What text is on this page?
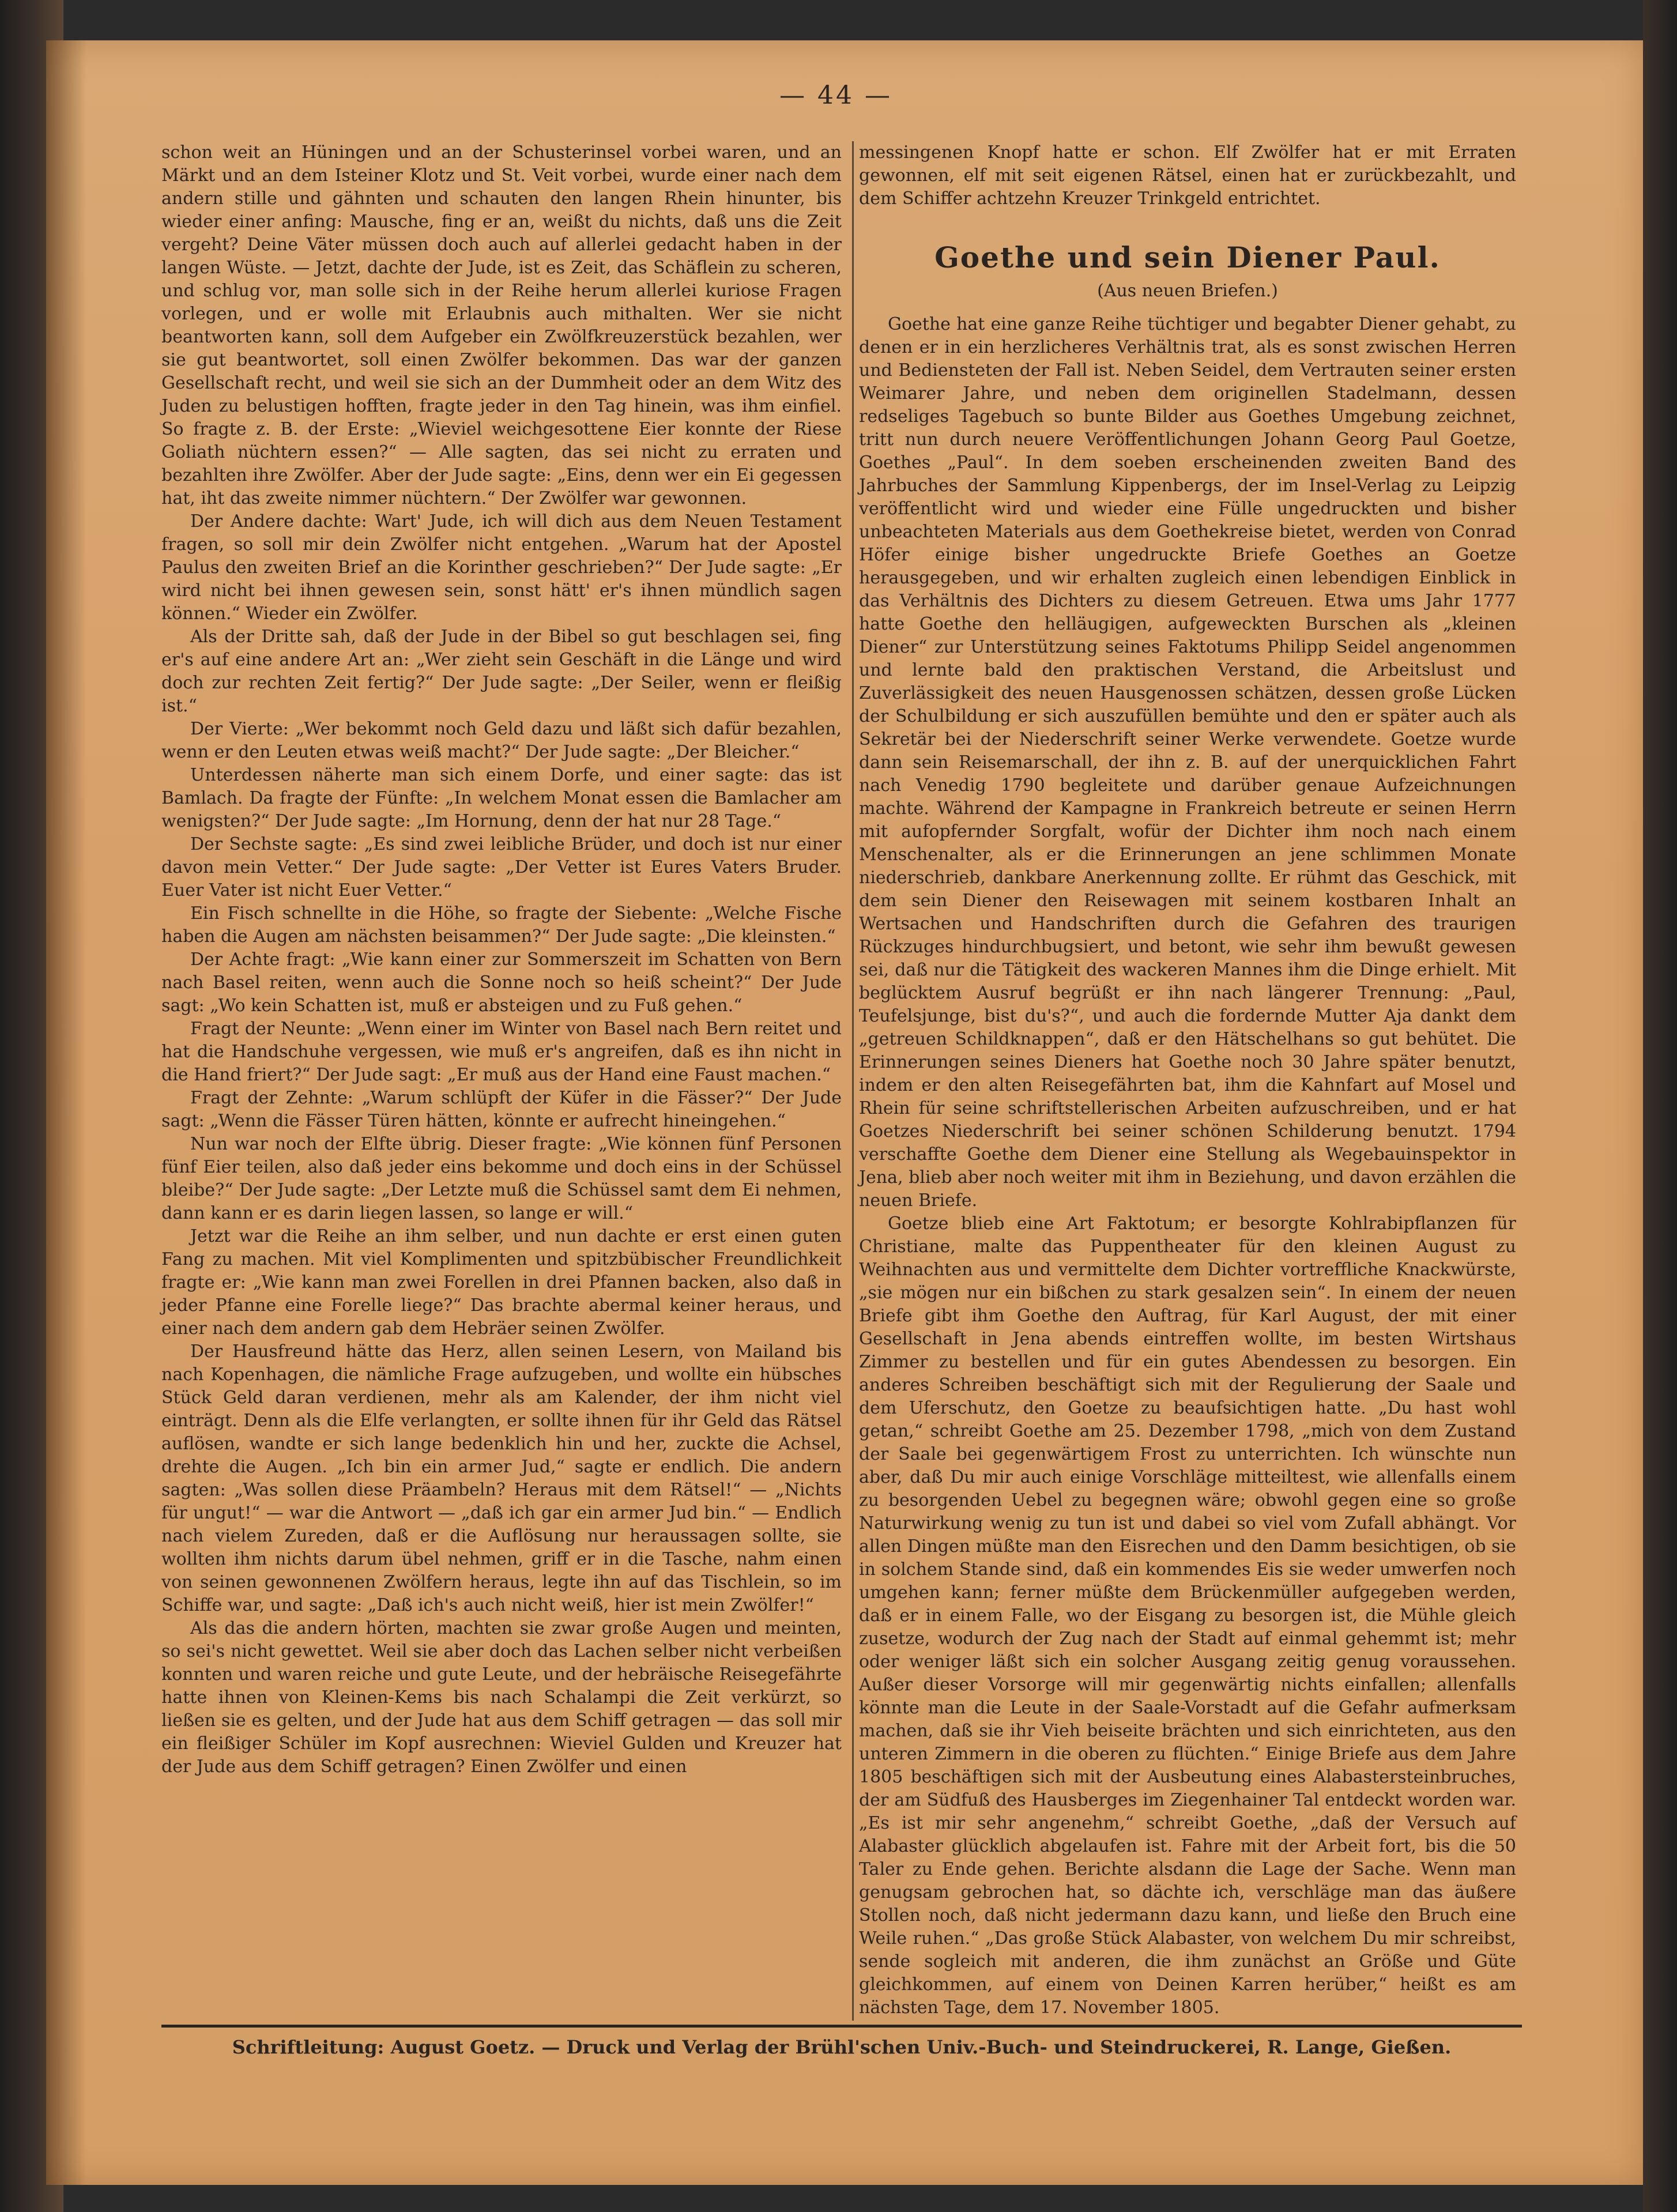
— 44 —

schon weit an Hüningen und an der Schusterinsel vorbei waren, und an Märkt und an dem Isteiner Klotz und St. Veit vorbei, wurde einer nach dem andern stille und gähnten und schauten den langen Rhein hinunter, bis wieder einer anfing: Mausche, fing er an, weißt du nichts, daß uns die Zeit vergeht? Deine Väter müssen doch auch auf allerlei gedacht haben in der langen Wüste. — Jetzt, dachte der Jude, ist es Zeit, das Schäflein zu scheren, und schlug vor, man solle sich in der Reihe herum allerlei kuriose Fragen vorlegen, und er wolle mit Erlaubnis auch mithalten. Wer sie nicht beantworten kann, soll dem Aufgeber ein Zwölfkreuzerstück bezahlen, wer sie gut beantwortet, soll einen Zwölfer bekommen. Das war der ganzen Gesellschaft recht, und weil sie sich an der Dummheit oder an dem Witz des Juden zu belustigen hofften, fragte jeder in den Tag hinein, was ihm einfiel. So fragte z. B. der Erste: „Wieviel weichgesottene Eier konnte der Riese Goliath nüchtern essen?“ — Alle sagten, das sei nicht zu erraten und bezahlten ihre Zwölfer. Aber der Jude sagte: „Eins, denn wer ein Ei gegessen hat, iht das zweite nimmer nüchtern.“ Der Zwölfer war gewonnen.

Der Andere dachte: Wart' Jude, ich will dich aus dem Neuen Testament fragen, so soll mir dein Zwölfer nicht entgehen. „Warum hat der Apostel Paulus den zweiten Brief an die Korinther geschrieben?“ Der Jude sagte: „Er wird nicht bei ihnen gewesen sein, sonst hätt' er's ihnen mündlich sagen können.“ Wieder ein Zwölfer.

Als der Dritte sah, daß der Jude in der Bibel so gut beschlagen sei, fing er's auf eine andere Art an: „Wer zieht sein Geschäft in die Länge und wird doch zur rechten Zeit fertig?“ Der Jude sagte: „Der Seiler, wenn er fleißig ist.“

Der Vierte: „Wer bekommt noch Geld dazu und läßt sich dafür bezahlen, wenn er den Leuten etwas weiß macht?“ Der Jude sagte: „Der Bleicher.“

Unterdessen näherte man sich einem Dorfe, und einer sagte: das ist Bamlach. Da fragte der Fünfte: „In welchem Monat essen die Bamlacher am wenigsten?“ Der Jude sagte: „Im Hornung, denn der hat nur 28 Tage.“

Der Sechste sagte: „Es sind zwei leibliche Brüder, und doch ist nur einer davon mein Vetter.“ Der Jude sagte: „Der Vetter ist Eures Vaters Bruder. Euer Vater ist nicht Euer Vetter.“

Ein Fisch schnellte in die Höhe, so fragte der Siebente: „Welche Fische haben die Augen am nächsten beisammen?“ Der Jude sagte: „Die kleinsten.“

Der Achte fragt: „Wie kann einer zur Sommerszeit im Schatten von Bern nach Basel reiten, wenn auch die Sonne noch so heiß scheint?“ Der Jude sagt: „Wo kein Schatten ist, muß er absteigen und zu Fuß gehen.“

Fragt der Neunte: „Wenn einer im Winter von Basel nach Bern reitet und hat die Handschuhe vergessen, wie muß er's angreifen, daß es ihn nicht in die Hand friert?“ Der Jude sagt: „Er muß aus der Hand eine Faust machen.“

Fragt der Zehnte: „Warum schlüpft der Küfer in die Fässer?“ Der Jude sagt: „Wenn die Fässer Türen hätten, könnte er aufrecht hineingehen.“

Nun war noch der Elfte übrig. Dieser fragte: „Wie können fünf Personen fünf Eier teilen, also daß jeder eins bekomme und doch eins in der Schüssel bleibe?“ Der Jude sagte: „Der Letzte muß die Schüssel samt dem Ei nehmen, dann kann er es darin liegen lassen, so lange er will.“

Jetzt war die Reihe an ihm selber, und nun dachte er erst einen guten Fang zu machen. Mit viel Komplimenten und spitzbübischer Freundlichkeit fragte er: „Wie kann man zwei Forellen in drei Pfannen backen, also daß in jeder Pfanne eine Forelle liege?“ Das brachte abermal keiner heraus, und einer nach dem andern gab dem Hebräer seinen Zwölfer.

Der Hausfreund hätte das Herz, allen seinen Lesern, von Mailand bis nach Kopenhagen, die nämliche Frage aufzugeben, und wollte ein hübsches Stück Geld daran verdienen, mehr als am Kalender, der ihm nicht viel einträgt. Denn als die Elfe verlangten, er sollte ihnen für ihr Geld das Rätsel auflösen, wandte er sich lange bedenklich hin und her, zuckte die Achsel, drehte die Augen. „Ich bin ein armer Jud,“ sagte er endlich. Die andern sagten: „Was sollen diese Präambeln? Heraus mit dem Rätsel!“ — „Nichts für ungut!“ — war die Antwort — „daß ich gar ein armer Jud bin.“ — Endlich nach vielem Zureden, daß er die Auflösung nur heraussagen sollte, sie wollten ihm nichts darum übel nehmen, griff er in die Tasche, nahm einen von seinen gewonnenen Zwölfern heraus, legte ihn auf das Tischlein, so im Schiffe war, und sagte: „Daß ich's auch nicht weiß, hier ist mein Zwölfer!“

Als das die andern hörten, machten sie zwar große Augen und meinten, so sei's nicht gewettet. Weil sie aber doch das Lachen selber nicht verbeißen konnten und waren reiche und gute Leute, und der hebräische Reisegefährte hatte ihnen von Kleinen-Kems bis nach Schalampi die Zeit verkürzt, so ließen sie es gelten, und der Jude hat aus dem Schiff getragen — das soll mir ein fleißiger Schüler im Kopf ausrechnen: Wieviel Gulden und Kreuzer hat der Jude aus dem Schiff getragen? Einen Zwölfer und einen

messingenen Knopf hatte er schon. Elf Zwölfer hat er mit Erraten gewonnen, elf mit seit eigenen Rätsel, einen hat er zurückbezahlt, und dem Schiffer achtzehn Kreuzer Trinkgeld entrichtet.

Goethe und sein Diener Paul.
(Aus neuen Briefen.)

Goethe hat eine ganze Reihe tüchtiger und begabter Diener gehabt, zu denen er in ein herzlicheres Verhältnis trat, als es sonst zwischen Herren und Bediensteten der Fall ist. Neben Seidel, dem Vertrauten seiner ersten Weimarer Jahre, und neben dem originellen Stadelmann, dessen redseliges Tagebuch so bunte Bilder aus Goethes Umgebung zeichnet, tritt nun durch neuere Veröffentlichungen Johann Georg Paul Goetze, Goethes „Paul“. In dem soeben erscheinenden zweiten Band des Jahrbuches der Sammlung Kippenbergs, der im Insel-Verlag zu Leipzig veröffentlicht wird und wieder eine Fülle ungedruckten und bisher unbeachteten Materials aus dem Goethekreise bietet, werden von Conrad Höfer einige bisher ungedruckte Briefe Goethes an Goetze herausgegeben, und wir erhalten zugleich einen lebendigen Einblick in das Verhältnis des Dichters zu diesem Getreuen. Etwa ums Jahr 1777 hatte Goethe den helläugigen, aufgeweckten Burschen als „kleinen Diener“ zur Unterstützung seines Faktotums Philipp Seidel angenommen und lernte bald den praktischen Verstand, die Arbeitslust und Zuverlässigkeit des neuen Hausgenossen schätzen, dessen große Lücken der Schulbildung er sich auszufüllen bemühte und den er später auch als Sekretär bei der Niederschrift seiner Werke verwendete. Goetze wurde dann sein Reisemarschall, der ihn z. B. auf der unerquicklichen Fahrt nach Venedig 1790 begleitete und darüber genaue Aufzeichnungen machte. Während der Kampagne in Frankreich betreute er seinen Herrn mit aufopfernder Sorgfalt, wofür der Dichter ihm noch nach einem Menschenalter, als er die Erinnerungen an jene schlimmen Monate niederschrieb, dankbare Anerkennung zollte. Er rühmt das Geschick, mit dem sein Diener den Reisewagen mit seinem kostbaren Inhalt an Wertsachen und Handschriften durch die Gefahren des traurigen Rückzuges hindurchbugsiert, und betont, wie sehr ihm bewußt gewesen sei, daß nur die Tätigkeit des wackeren Mannes ihm die Dinge erhielt. Mit beglücktem Ausruf begrüßt er ihn nach längerer Trennung: „Paul, Teufelsjunge, bist du's?“, und auch die fordernde Mutter Aja dankt dem „getreuen Schildknappen“, daß er den Hätschelhans so gut behütet. Die Erinnerungen seines Dieners hat Goethe noch 30 Jahre später benutzt, indem er den alten Reisegefährten bat, ihm die Kahnfart auf Mosel und Rhein für seine schriftstellerischen Arbeiten aufzuschreiben, und er hat Goetzes Niederschrift bei seiner schönen Schilderung benutzt. 1794 verschaffte Goethe dem Diener eine Stellung als Wegebauinspektor in Jena, blieb aber noch weiter mit ihm in Beziehung, und davon erzählen die neuen Briefe.

Goetze blieb eine Art Faktotum; er besorgte Kohlrabipflanzen für Christiane, malte das Puppentheater für den kleinen August zu Weihnachten aus und vermittelte dem Dichter vortreffliche Knackwürste, „sie mögen nur ein bißchen zu stark gesalzen sein“. In einem der neuen Briefe gibt ihm Goethe den Auftrag, für Karl August, der mit einer Gesellschaft in Jena abends eintreffen wollte, im besten Wirtshaus Zimmer zu bestellen und für ein gutes Abendessen zu besorgen. Ein anderes Schreiben beschäftigt sich mit der Regulierung der Saale und dem Uferschutz, den Goetze zu beaufsichtigen hatte. „Du hast wohl getan,“ schreibt Goethe am 25. Dezember 1798, „mich von dem Zustand der Saale bei gegenwärtigem Frost zu unterrichten. Ich wünschte nun aber, daß Du mir auch einige Vorschläge mitteiltest, wie allenfalls einem zu besorgenden Uebel zu begegnen wäre; obwohl gegen eine so große Naturwirkung wenig zu tun ist und dabei so viel vom Zufall abhängt. Vor allen Dingen müßte man den Eisrechen und den Damm besichtigen, ob sie in solchem Stande sind, daß ein kommendes Eis sie weder umwerfen noch umgehen kann; ferner müßte dem Brückenmüller aufgegeben werden, daß er in einem Falle, wo der Eisgang zu besorgen ist, die Mühle gleich zusetze, wodurch der Zug nach der Stadt auf einmal gehemmt ist; mehr oder weniger läßt sich ein solcher Ausgang zeitig genug voraussehen. Außer dieser Vorsorge will mir gegenwärtig nichts einfallen; allenfalls könnte man die Leute in der Saale-Vorstadt auf die Gefahr aufmerksam machen, daß sie ihr Vieh beiseite brächten und sich einrichteten, aus den unteren Zimmern in die oberen zu flüchten.“ Einige Briefe aus dem Jahre 1805 beschäftigen sich mit der Ausbeutung eines Alabastersteinbruches, der am Südfuß des Hausberges im Ziegenhainer Tal entdeckt worden war. „Es ist mir sehr angenehm,“ schreibt Goethe, „daß der Versuch auf Alabaster glücklich abgelaufen ist. Fahre mit der Arbeit fort, bis die 50 Taler zu Ende gehen. Berichte alsdann die Lage der Sache. Wenn man genugsam gebrochen hat, so dächte ich, verschläge man das äußere Stollen noch, daß nicht jedermann dazu kann, und ließe den Bruch eine Weile ruhen.“ „Das große Stück Alabaster, von welchem Du mir schreibst, sende sogleich mit anderen, die ihm zunächst an Größe und Güte gleichkommen, auf einem von Deinen Karren herüber,“ heißt es am nächsten Tage, dem 17. November 1805.

Schriftleitung: August Goetz. — Druck und Verlag der Brühl'schen Univ.-Buch- und Steindruckerei, R. Lange, Gießen.
